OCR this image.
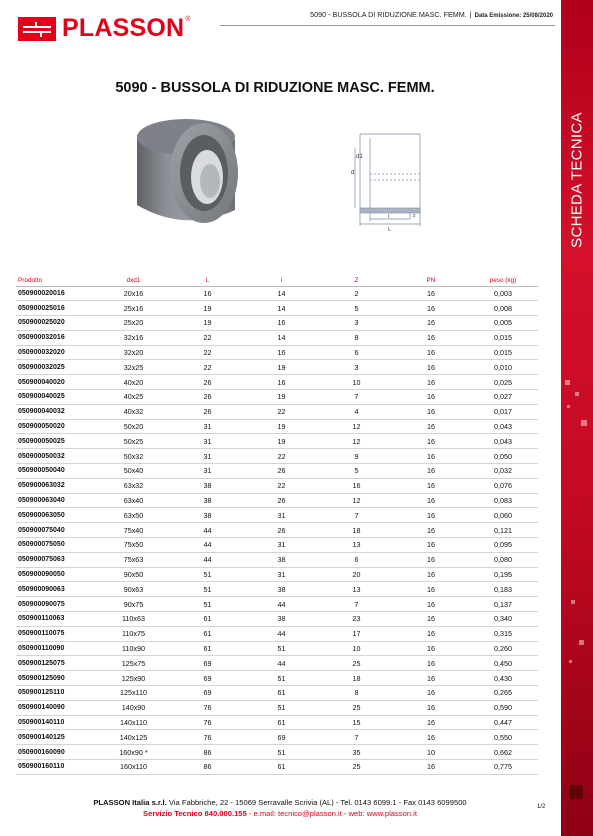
PLASSON ®
5090 - BUSSOLA DI RIDUZIONE MASC. FEMM. | Data Emissione: 25/08/2020
5090 - BUSSOLA DI RIDUZIONE MASC. FEMM.
d
d1
z
l
L
Prodotto	dxd1	L	l	Z	PN	peso (kg)
050900020016	20x16	16	14	2	16	0,003
050900025016	25x16	19	14	5	16	0,008
050900025020	25x20	19	16	3	16	0,005
050900032016	32x16	22	14	8	16	0,015
050900032020	32x20	22	16	6	16	0,015
050900032025	32x25	22	19	3	16	0,010
050900040020	40x20	26	16	10	16	0,025
050900040025	40x25	26	19	7	16	0,027
050900040032	40x32	26	22	4	16	0,017
050900050020	50x20	31	19	12	16	0,043
050900050025	50x25	31	19	12	16	0,043
050900050032	50x32	31	22	9	16	0,050
050900050040	50x40	31	26	5	16	0,032
050900063032	63x32	38	22	16	16	0,076
050900063040	63x40	38	26	12	16	0,083
050900063050	63x50	38	31	7	16	0,060
050900075040	75x40	44	26	18	16	0,121
050900075050	75x50	44	31	13	16	0,095
050900075063	75x63	44	38	6	16	0,080
050900090050	90x50	51	31	20	16	0,195
050900090063	90x63	51	38	13	16	0,183
050900090075	90x75	51	44	7	16	0,137
050900110063	110x63	61	38	23	16	0,340
050900110075	110x75	61	44	17	16	0,315
050900110090	110x90	61	51	10	16	0,260
050900125075	125x75	69	44	25	16	0,450
050900125090	125x90	69	51	18	16	0,430
050900125110	125x110	69	61	8	16	0,265
050900140090	140x90	76	51	25	16	0,590
050900140110	140x110	76	61	15	16	0,447
050900140125	140x125	76	69	7	16	0,550
050900160090	160x90 *	86	51	35	10	0,662
050900160110	160x110	86	61	25	16	0,775
PLASSON Italia s.r.l. Via Fabbriche, 22 - 15069 Serravalle Scrivia (AL) - Tel. 0143 6099.1 - Fax 0143 6099500
Servizio Tecnico 840.000.155 - e.mail: tecnico@plasson.it - web: www.plasson.it
1/2
SCHEDA TECNICA
